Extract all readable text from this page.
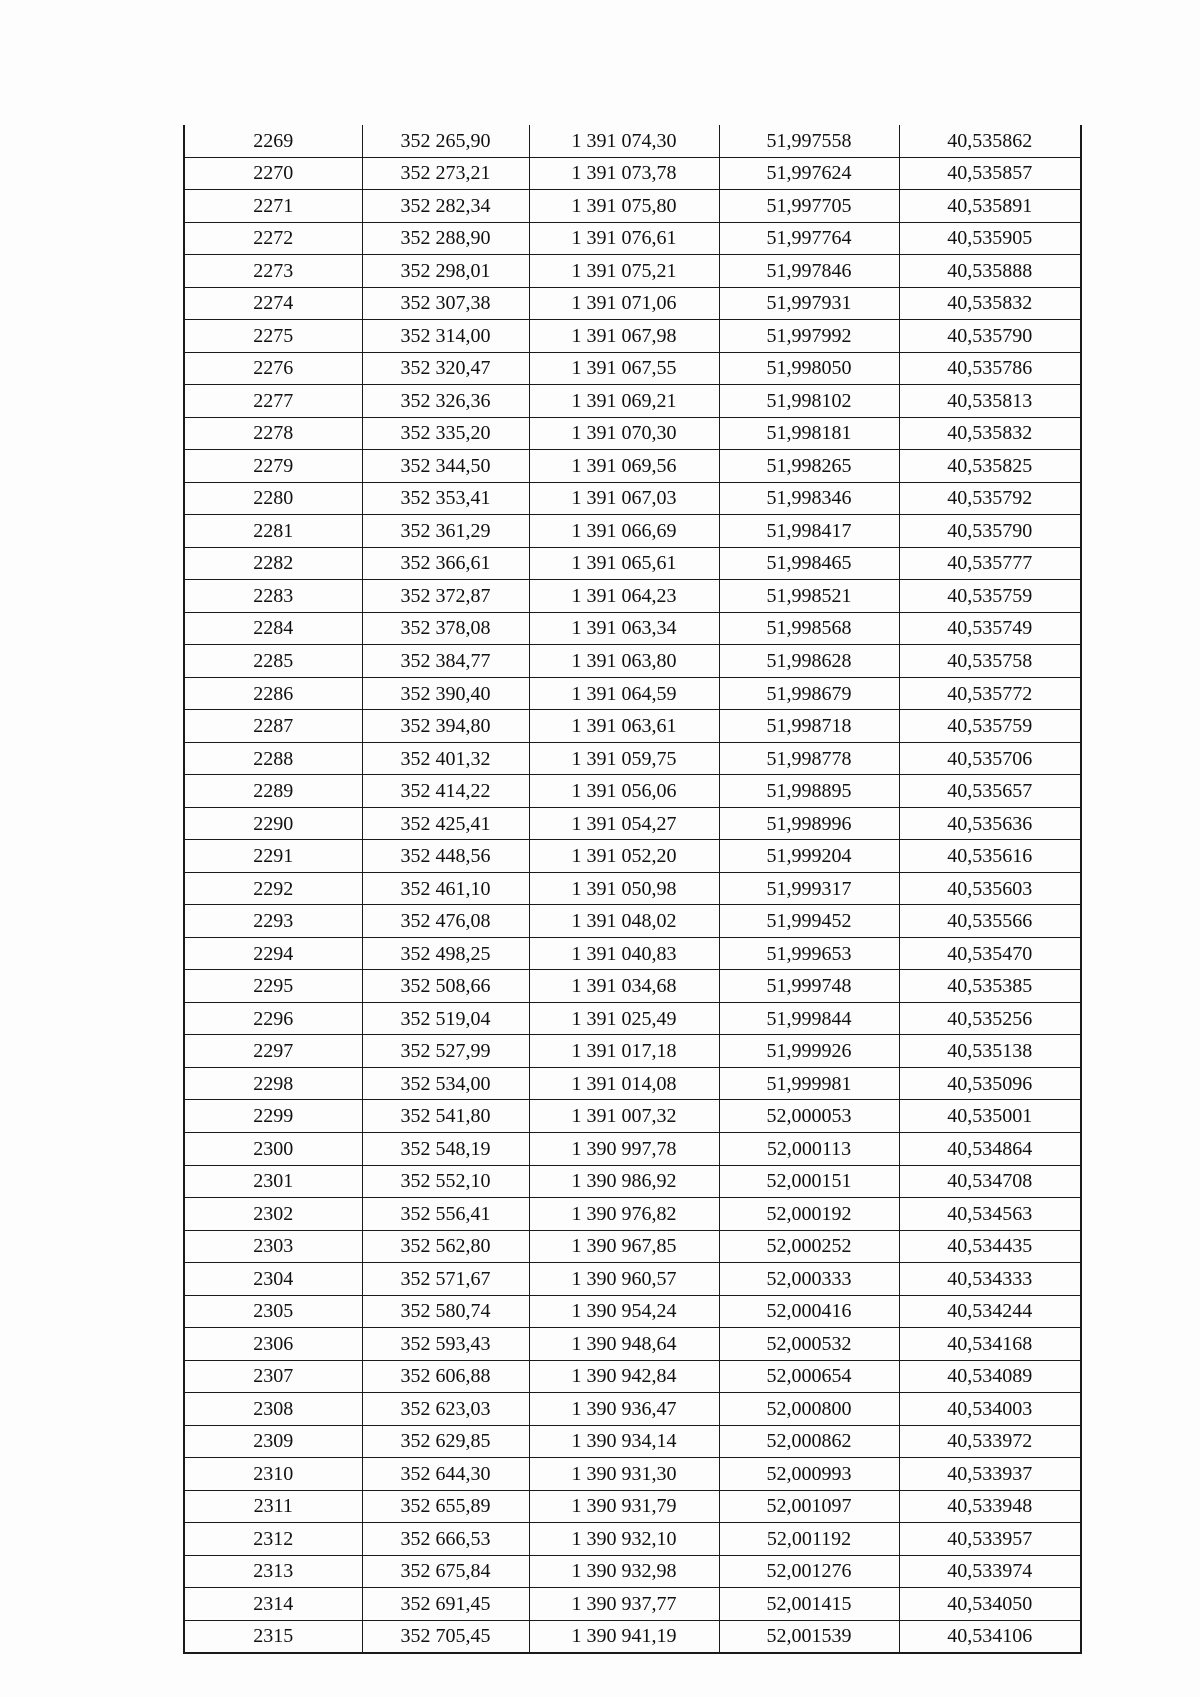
2269	352 265,90	1 391 074,30	51,997558	40,535862
2270	352 273,21	1 391 073,78	51,997624	40,535857
2271	352 282,34	1 391 075,80	51,997705	40,535891
2272	352 288,90	1 391 076,61	51,997764	40,535905
2273	352 298,01	1 391 075,21	51,997846	40,535888
2274	352 307,38	1 391 071,06	51,997931	40,535832
2275	352 314,00	1 391 067,98	51,997992	40,535790
2276	352 320,47	1 391 067,55	51,998050	40,535786
2277	352 326,36	1 391 069,21	51,998102	40,535813
2278	352 335,20	1 391 070,30	51,998181	40,535832
2279	352 344,50	1 391 069,56	51,998265	40,535825
2280	352 353,41	1 391 067,03	51,998346	40,535792
2281	352 361,29	1 391 066,69	51,998417	40,535790
2282	352 366,61	1 391 065,61	51,998465	40,535777
2283	352 372,87	1 391 064,23	51,998521	40,535759
2284	352 378,08	1 391 063,34	51,998568	40,535749
2285	352 384,77	1 391 063,80	51,998628	40,535758
2286	352 390,40	1 391 064,59	51,998679	40,535772
2287	352 394,80	1 391 063,61	51,998718	40,535759
2288	352 401,32	1 391 059,75	51,998778	40,535706
2289	352 414,22	1 391 056,06	51,998895	40,535657
2290	352 425,41	1 391 054,27	51,998996	40,535636
2291	352 448,56	1 391 052,20	51,999204	40,535616
2292	352 461,10	1 391 050,98	51,999317	40,535603
2293	352 476,08	1 391 048,02	51,999452	40,535566
2294	352 498,25	1 391 040,83	51,999653	40,535470
2295	352 508,66	1 391 034,68	51,999748	40,535385
2296	352 519,04	1 391 025,49	51,999844	40,535256
2297	352 527,99	1 391 017,18	51,999926	40,535138
2298	352 534,00	1 391 014,08	51,999981	40,535096
2299	352 541,80	1 391 007,32	52,000053	40,535001
2300	352 548,19	1 390 997,78	52,000113	40,534864
2301	352 552,10	1 390 986,92	52,000151	40,534708
2302	352 556,41	1 390 976,82	52,000192	40,534563
2303	352 562,80	1 390 967,85	52,000252	40,534435
2304	352 571,67	1 390 960,57	52,000333	40,534333
2305	352 580,74	1 390 954,24	52,000416	40,534244
2306	352 593,43	1 390 948,64	52,000532	40,534168
2307	352 606,88	1 390 942,84	52,000654	40,534089
2308	352 623,03	1 390 936,47	52,000800	40,534003
2309	352 629,85	1 390 934,14	52,000862	40,533972
2310	352 644,30	1 390 931,30	52,000993	40,533937
2311	352 655,89	1 390 931,79	52,001097	40,533948
2312	352 666,53	1 390 932,10	52,001192	40,533957
2313	352 675,84	1 390 932,98	52,001276	40,533974
2314	352 691,45	1 390 937,77	52,001415	40,534050
2315	352 705,45	1 390 941,19	52,001539	40,534106
